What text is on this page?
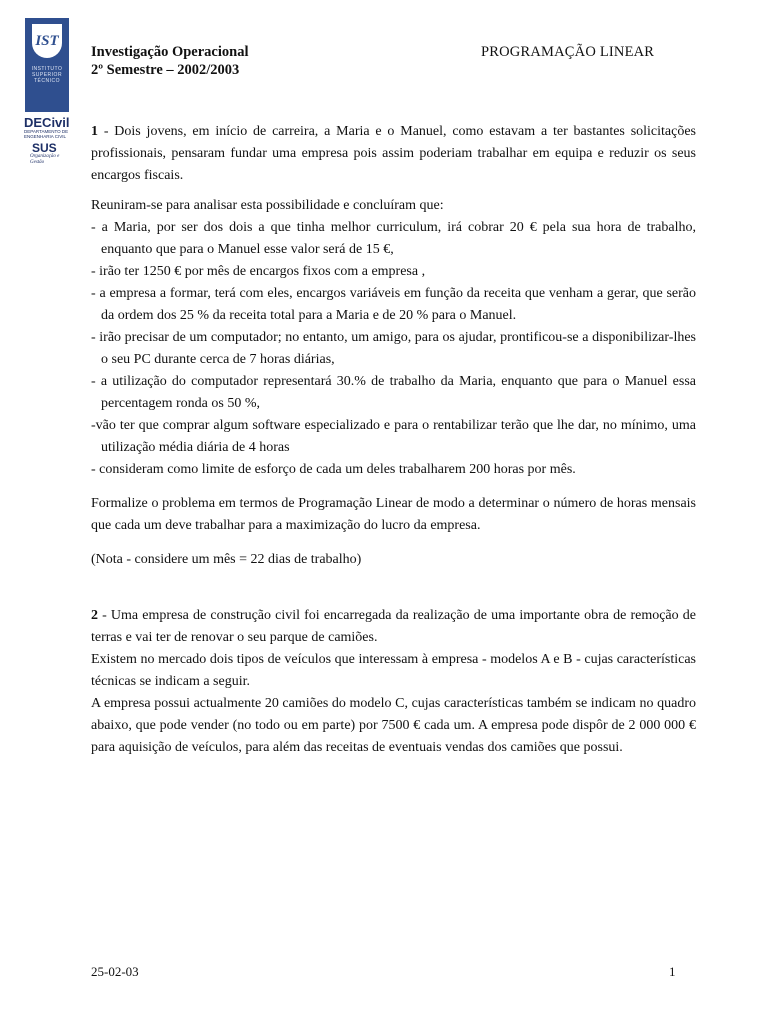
IST
INSTITUTO SUPERIOR TÉCNICO
DECivil
DEPARTAMENTO DE ENGENHARIA CIVIL
SUS
Organização e Gestão
Investigação Operacional
2º Semestre – 2002/2003
PROGRAMAÇÃO LINEAR

1 - Dois jovens, em início de carreira, a Maria e o Manuel, como estavam a ter bastantes solicitações profissionais, pensaram fundar uma empresa pois assim poderiam trabalhar em equipa e reduzir os seus encargos fiscais.

Reuniram-se para analisar esta possibilidade e concluíram que:

- a Maria, por ser dos dois a que tinha melhor curriculum, irá cobrar 20 € pela sua hora de trabalho, enquanto que para o Manuel esse valor será de 15 €,

- irão ter 1250 € por mês de encargos fixos com a empresa ,

- a empresa a formar, terá com eles, encargos variáveis em função da receita que venham a gerar, que serão da ordem dos 25 % da receita total para a Maria e de 20 % para o Manuel.

- irão precisar de um computador; no entanto, um amigo, para os ajudar, prontificou-se a disponibilizar-lhes o seu PC durante cerca de 7 horas diárias,

- a utilização do computador representará 30.% de trabalho da Maria, enquanto que para o Manuel essa percentagem ronda os 50 %,

-vão ter que comprar algum software especializado e para o rentabilizar terão que lhe dar, no mínimo, uma utilização média diária de 4 horas

- consideram como limite de esforço de cada um deles trabalharem 200 horas por mês.

Formalize o problema em termos de Programação Linear de modo a determinar o número de horas mensais que cada um deve trabalhar para a maximização do lucro da empresa.

(Nota - considere um mês = 22 dias de trabalho)

2 - Uma empresa de construção civil foi encarregada da realização de uma importante obra de remoção de terras e vai ter de renovar o seu parque de camiões.

Existem no mercado dois tipos de veículos que interessam à empresa - modelos A e B - cujas características técnicas se indicam a seguir.

A empresa possui actualmente 20 camiões do modelo C, cujas características também se indicam no quadro abaixo, que pode vender (no todo ou em parte) por 7500 € cada um. A empresa pode dispôr de 2 000 000 € para aquisição de veículos, para além das receitas de eventuais vendas dos camiões que possui.

25-02-03	1
